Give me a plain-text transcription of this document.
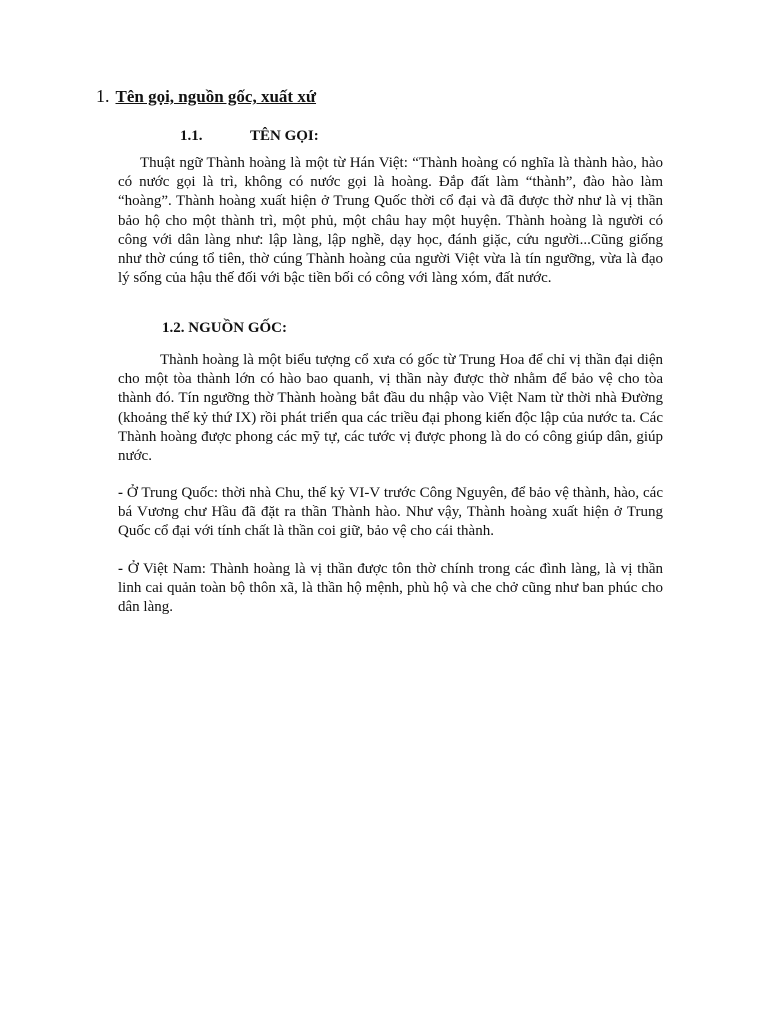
1. Tên gọi, nguồn gốc, xuất xứ
1.1.	TÊN GỌI:

Thuật ngữ Thành hoàng là một từ Hán Việt: “Thành hoàng có nghĩa là thành hào, hào có nước gọi là trì, không có nước gọi là hoàng. Đắp đất làm “thành”, đào hào làm “hoàng”. Thành hoàng xuất hiện ở Trung Quốc thời cổ đại và đã được thờ như là vị thần bảo hộ cho một thành trì, một phủ, một châu hay một huyện. Thành hoàng là người có công với dân làng như: lập làng, lập nghề, dạy học, đánh giặc, cứu người...Cũng giống như thờ cúng tổ tiên, thờ cúng Thành hoàng của người Việt vừa là tín ngưỡng, vừa là đạo lý sống của hậu thế đối với bậc tiền bối có công với làng xóm, đất nước.

1.2. NGUỒN GỐC:

Thành hoàng là một biểu tượng cổ xưa có gốc từ Trung Hoa để chỉ vị thần đại diện cho một tòa thành lớn có hào bao quanh, vị thần này được thờ nhằm để bảo vệ cho tòa thành đó. Tín ngưỡng thờ Thành hoàng bắt đầu du nhập vào Việt Nam từ thời nhà Đường (khoảng thế kỷ thứ IX) rồi phát triển qua các triều đại phong kiến độc lập của nước ta. Các Thành hoàng được phong các mỹ tự, các tước vị được phong là do có công giúp dân, giúp nước.

- Ở Trung Quốc: thời nhà Chu, thế kỷ VI-V trước Công Nguyên, để bảo vệ thành, hào, các bá Vương chư Hầu đã đặt ra thần Thành hào. Như vậy, Thành hoàng xuất hiện ở Trung Quốc cổ đại với tính chất là thần coi giữ, bảo vệ cho cái thành.

- Ở Việt Nam: Thành hoàng là vị thần được tôn thờ chính trong các đình làng, là vị thần linh cai quản toàn bộ thôn xã, là thần hộ mệnh, phù hộ và che chở cũng như ban phúc cho dân làng.
